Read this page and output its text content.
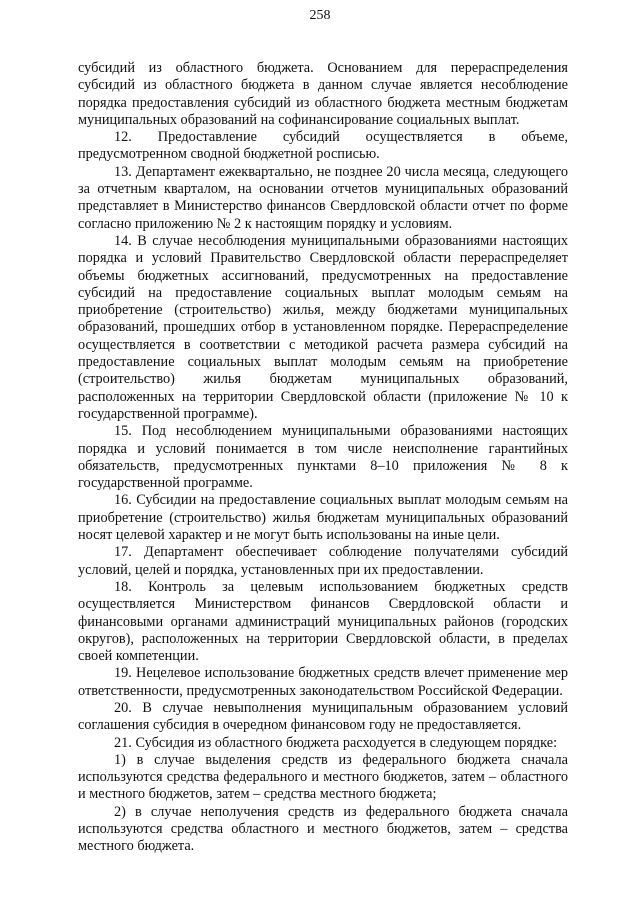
258

субсидий из областного бюджета. Основанием для перераспределения субсидий из областного бюджета в данном случае является несоблюдение порядка предоставления субсидий из областного бюджета местным бюджетам муниципальных образований на софинансирование социальных выплат.

12. Предоставление субсидий осуществляется в объеме, предусмотренном сводной бюджетной росписью.

13. Департамент ежеквартально, не позднее 20 числа месяца, следующего за отчетным кварталом, на основании отчетов муниципальных образований представляет в Министерство финансов Свердловской области отчет по форме согласно приложению № 2 к настоящим порядку и условиям.

14. В случае несоблюдения муниципальными образованиями настоящих порядка и условий Правительство Свердловской области перераспределяет объемы бюджетных ассигнований, предусмотренных на предоставление субсидий на предоставление социальных выплат молодым семьям на приобретение (строительство) жилья, между бюджетами муниципальных образований, прошедших отбор в установленном порядке. Перераспределение осуществляется в соответствии с методикой расчета размера субсидий на предоставление социальных выплат молодым семьям на приобретение (строительство) жилья бюджетам муниципальных образований, расположенных на территории Свердловской области (приложение № 10 к государственной программе).

15. Под несоблюдением муниципальными образованиями настоящих порядка и условий понимается в том числе неисполнение гарантийных обязательств, предусмотренных пунктами 8–10 приложения № 8 к государственной программе.

16. Субсидии на предоставление социальных выплат молодым семьям на приобретение (строительство) жилья бюджетам муниципальных образований носят целевой характер и не могут быть использованы на иные цели.

17. Департамент обеспечивает соблюдение получателями субсидий условий, целей и порядка, установленных при их предоставлении.

18. Контроль за целевым использованием бюджетных средств осуществляется Министерством финансов Свердловской области и финансовыми органами администраций муниципальных районов (городских округов), расположенных на территории Свердловской области, в пределах своей компетенции.

19. Нецелевое использование бюджетных средств влечет применение мер ответственности, предусмотренных законодательством Российской Федерации.

20. В случае невыполнения муниципальным образованием условий соглашения субсидия в очередном финансовом году не предоставляется.

21. Субсидия из областного бюджета расходуется в следующем порядке:

1) в случае выделения средств из федерального бюджета сначала используются средства федерального и местного бюджетов, затем – областного и местного бюджетов, затем – средства местного бюджета;

2) в случае неполучения средств из федерального бюджета сначала используются средства областного и местного бюджетов, затем – средства местного бюджета.
